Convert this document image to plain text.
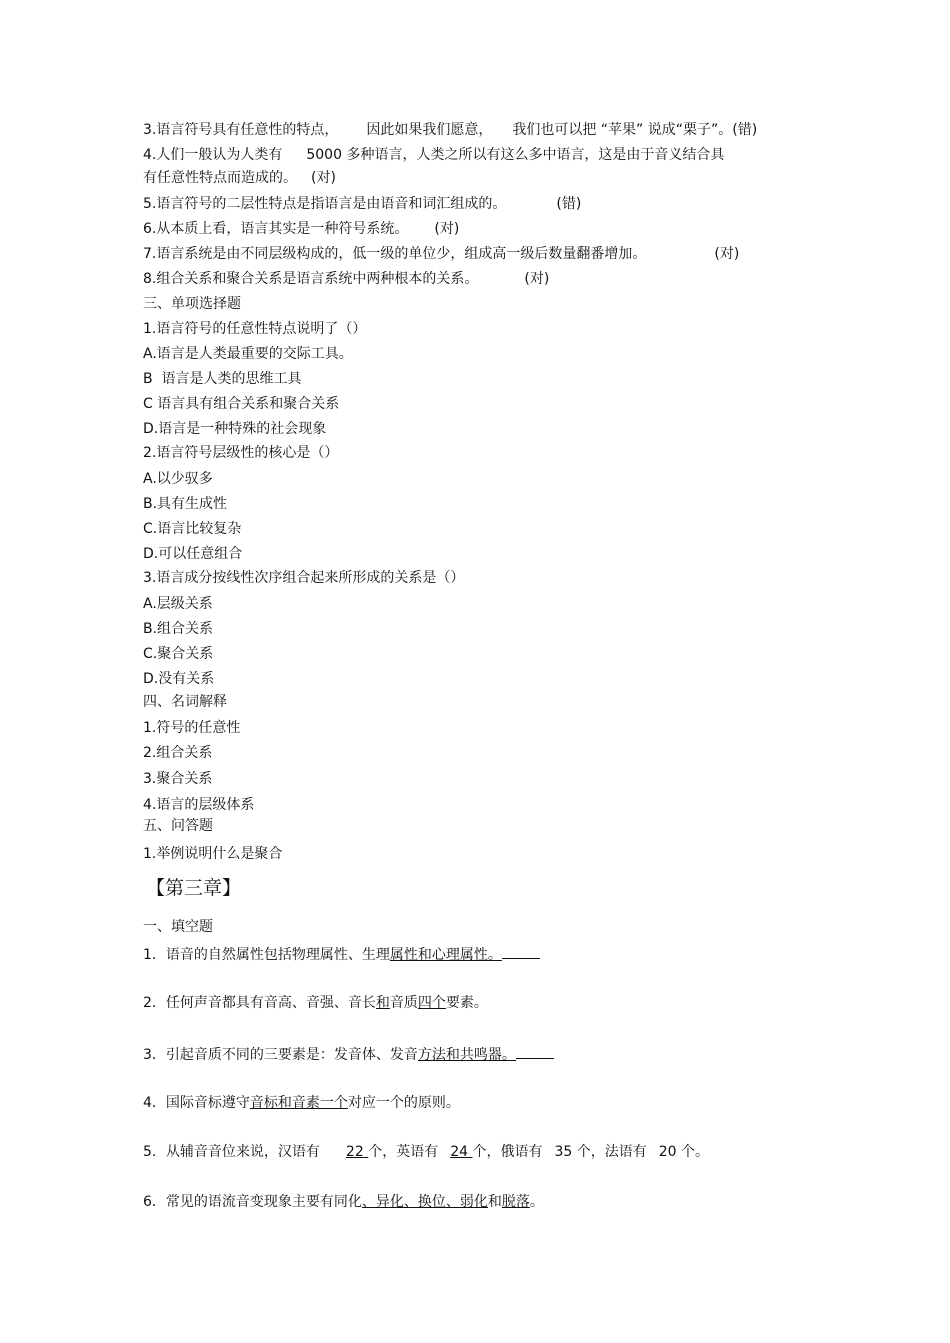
3.语言符号具有任意性的特点， 因此如果我们愿意， 我们也可以把 “苹果” 说成“栗子”。(错)
4.人们一般认为人类有 5000 多种语言，人类之所以有这么多中语言，这是由于音义结合具
有任意性特点而造成的。 (对)
5.语言符号的二层性特点是指语言是由语音和词汇组成的。	(错)
6.从本质上看，语言其实是一种符号系统。 (对)
7.语言系统是由不同层级构成的，低一级的单位少，组成高一级后数量翻番增加。	(对)
8.组合关系和聚合关系是语言系统中两种根本的关系。	(对)
三、单项选择题
1.语言符号的任意性特点说明了（）
A.语言是人类最重要的交际工具。
B  语言是人类的思维工具
C 语言具有组合关系和聚合关系
D.语言是一种特殊的社会现象
2.语言符号层级性的核心是（）
A.以少驭多
B.具有生成性
C.语言比较复杂
D.可以任意组合
3.语言成分按线性次序组合起来所形成的关系是（）
A.层级关系
B.组合关系
C.聚合关系
D.没有关系
四、名词解释
1.符号的任意性
2.组合关系
3.聚合关系
4.语言的层级体系
五、问答题
1.举例说明什么是聚合
【第三章】
一、填空题
1．语音的自然属性包括物理属性、生理属性和心理属性。
2．任何声音都具有音高、音强、音长和音质四个要素。
3．引起音质不同的三要素是：发音体、发音方法和共鸣器。
4．国际音标遵守音标和音素一个对应一个的原则。
5．从辅音音位来说，汉语有 22 个，英语有 24 个，俄语有 35 个，法语有 20 个。
6．常见的语流音变现象主要有同化、异化、换位、弱化和脱落。
